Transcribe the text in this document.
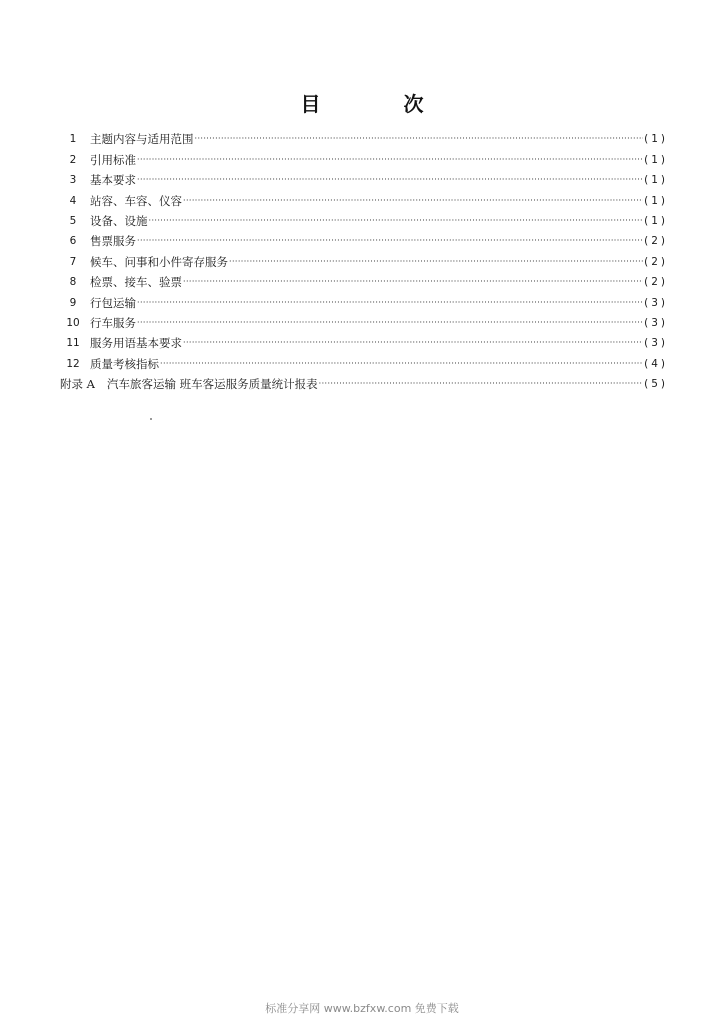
目 次
1	主题内容与适用范围 ·····	(1)
2	引用标准 ·····	(1)
3	基本要求 ·····	(1)
4	站容、车容、仪容 ·····	(1)
5	设备、设施 ·····	(1)
6	售票服务 ·····	(2)
7	候车、问事和小件寄存服务 ·····	(2)
8	检票、接车、验票 ·····	(2)
9	行包运输 ·····	(3)
10 行车服务 ·····	(3)
11 服务用语基本要求 ·····	(3)
12 质量考核指标 ·····	(4)
附录 A	汽车旅客运输 班车客运服务质量统计报表 ·····	(5)
标准分享网 www.bzfxw.com 免费下载
